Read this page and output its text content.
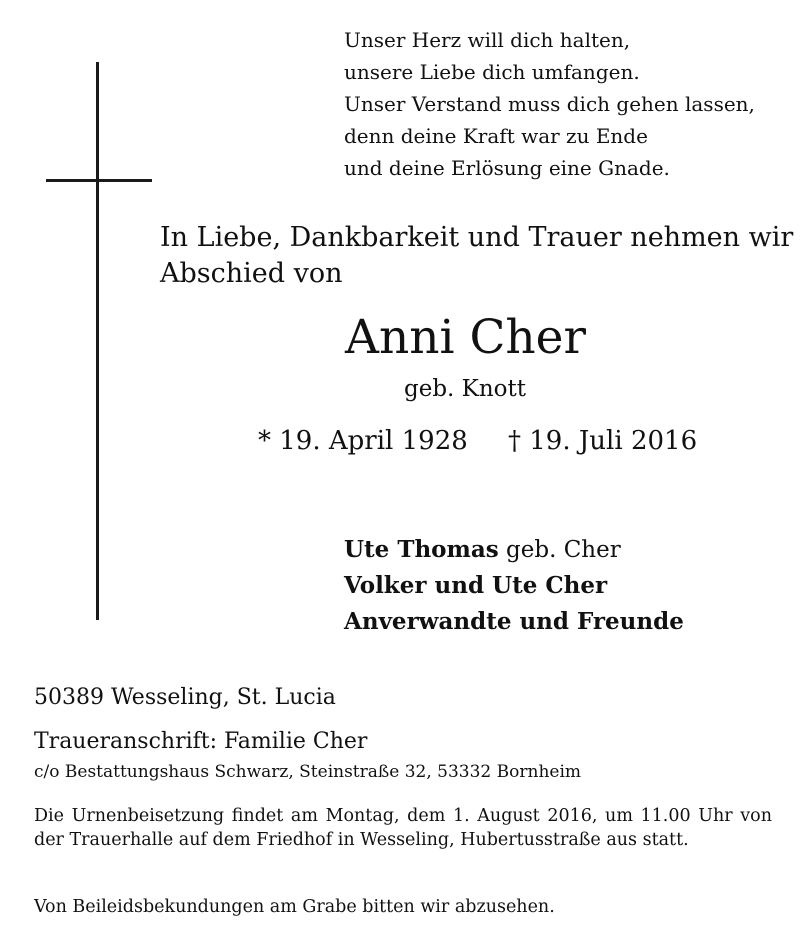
Unser Herz will dich halten,
unsere Liebe dich umfangen.
Unser Verstand muss dich gehen lassen,
denn deine Kraft war zu Ende
und deine Erlösung eine Gnade.
In Liebe, Dankbarkeit und Trauer nehmen wir
Abschied von
Anni Cher
geb. Knott
* 19. April 1928 † 19. Juli 2016
Ute Thomas geb. Cher
Volker und Ute Cher
Anverwandte und Freunde
50389 Wesseling, St. Lucia
Traueranschrift: Familie Cher
c/o Bestattungshaus Schwarz, Steinstraße 32, 53332 Bornheim
Die Urnenbeisetzung findet am Montag, dem 1. August 2016, um 11.00 Uhr von der Trauerhalle auf dem Friedhof in Wesseling, Hubertusstraße aus statt.
Von Beileidsbekundungen am Grabe bitten wir abzusehen.
